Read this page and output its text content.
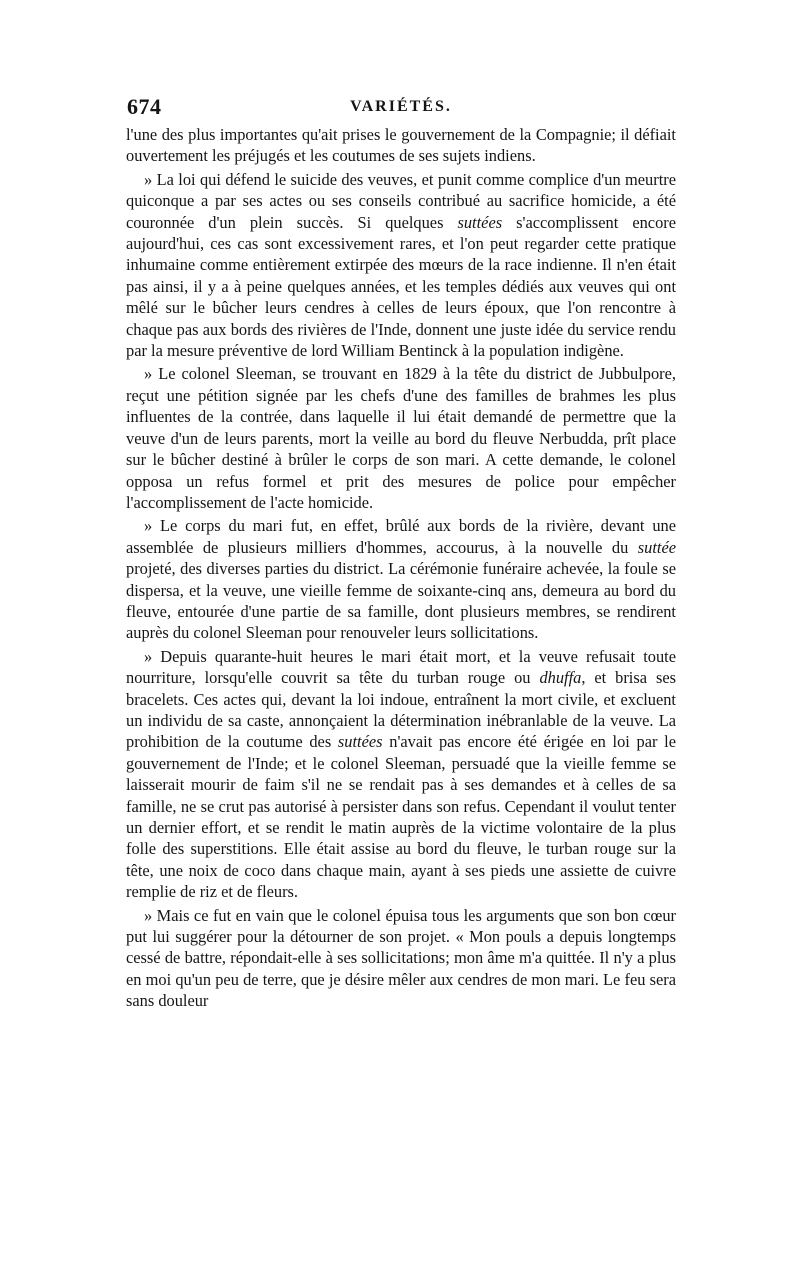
674	VARIÉTÉS.

l'une des plus importantes qu'ait prises le gouvernement de la Compagnie; il défiait ouvertement les préjugés et les coutumes de ses sujets indiens.

» La loi qui défend le suicide des veuves, et punit comme complice d'un meurtre quiconque a par ses actes ou ses conseils contribué au sacrifice homicide, a été couronnée d'un plein succès. Si quelques suttées s'accomplissent encore aujourd'hui, ces cas sont excessivement rares, et l'on peut regarder cette pratique inhumaine comme entièrement extirpée des mœurs de la race indienne. Il n'en était pas ainsi, il y a à peine quelques années, et les temples dédiés aux veuves qui ont mêlé sur le bûcher leurs cendres à celles de leurs époux, que l'on rencontre à chaque pas aux bords des rivières de l'Inde, donnent une juste idée du service rendu par la mesure préventive de lord William Bentinck à la population indigène.

» Le colonel Sleeman, se trouvant en 1829 à la tête du district de Jubbulpore, reçut une pétition signée par les chefs d'une des familles de brahmes les plus influentes de la contrée, dans laquelle il lui était demandé de permettre que la veuve d'un de leurs parents, mort la veille au bord du fleuve Nerbudda, prît place sur le bûcher destiné à brûler le corps de son mari. A cette demande, le colonel opposa un refus formel et prit des mesures de police pour empêcher l'accomplissement de l'acte homicide.

» Le corps du mari fut, en effet, brûlé aux bords de la rivière, devant une assemblée de plusieurs milliers d'hommes, accourus, à la nouvelle du suttée projeté, des diverses parties du district. La cérémonie funéraire achevée, la foule se dispersa, et la veuve, une vieille femme de soixante-cinq ans, demeura au bord du fleuve, entourée d'une partie de sa famille, dont plusieurs membres, se rendirent auprès du colonel Sleeman pour renouveler leurs sollicitations.

» Depuis quarante-huit heures le mari était mort, et la veuve refusait toute nourriture, lorsqu'elle couvrit sa tête du turban rouge ou dhuffa, et brisa ses bracelets. Ces actes qui, devant la loi indoue, entraînent la mort civile, et excluent un individu de sa caste, annonçaient la détermination inébranlable de la veuve. La prohibition de la coutume des suttées n'avait pas encore été érigée en loi par le gouvernement de l'Inde; et le colonel Sleeman, persuadé que la vieille femme se laisserait mourir de faim s'il ne se rendait pas à ses demandes et à celles de sa famille, ne se crut pas autorisé à persister dans son refus. Cependant il voulut tenter un dernier effort, et se rendit le matin auprès de la victime volontaire de la plus folle des superstitions. Elle était assise au bord du fleuve, le turban rouge sur la tête, une noix de coco dans chaque main, ayant à ses pieds une assiette de cuivre remplie de riz et de fleurs.

» Mais ce fut en vain que le colonel épuisa tous les arguments que son bon cœur put lui suggérer pour la détourner de son projet. « Mon pouls a depuis longtemps cessé de battre, répondait-elle à ses sollicitations; mon âme m'a quittée. Il n'y a plus en moi qu'un peu de terre, que je désire mêler aux cendres de mon mari. Le feu sera sans douleur
